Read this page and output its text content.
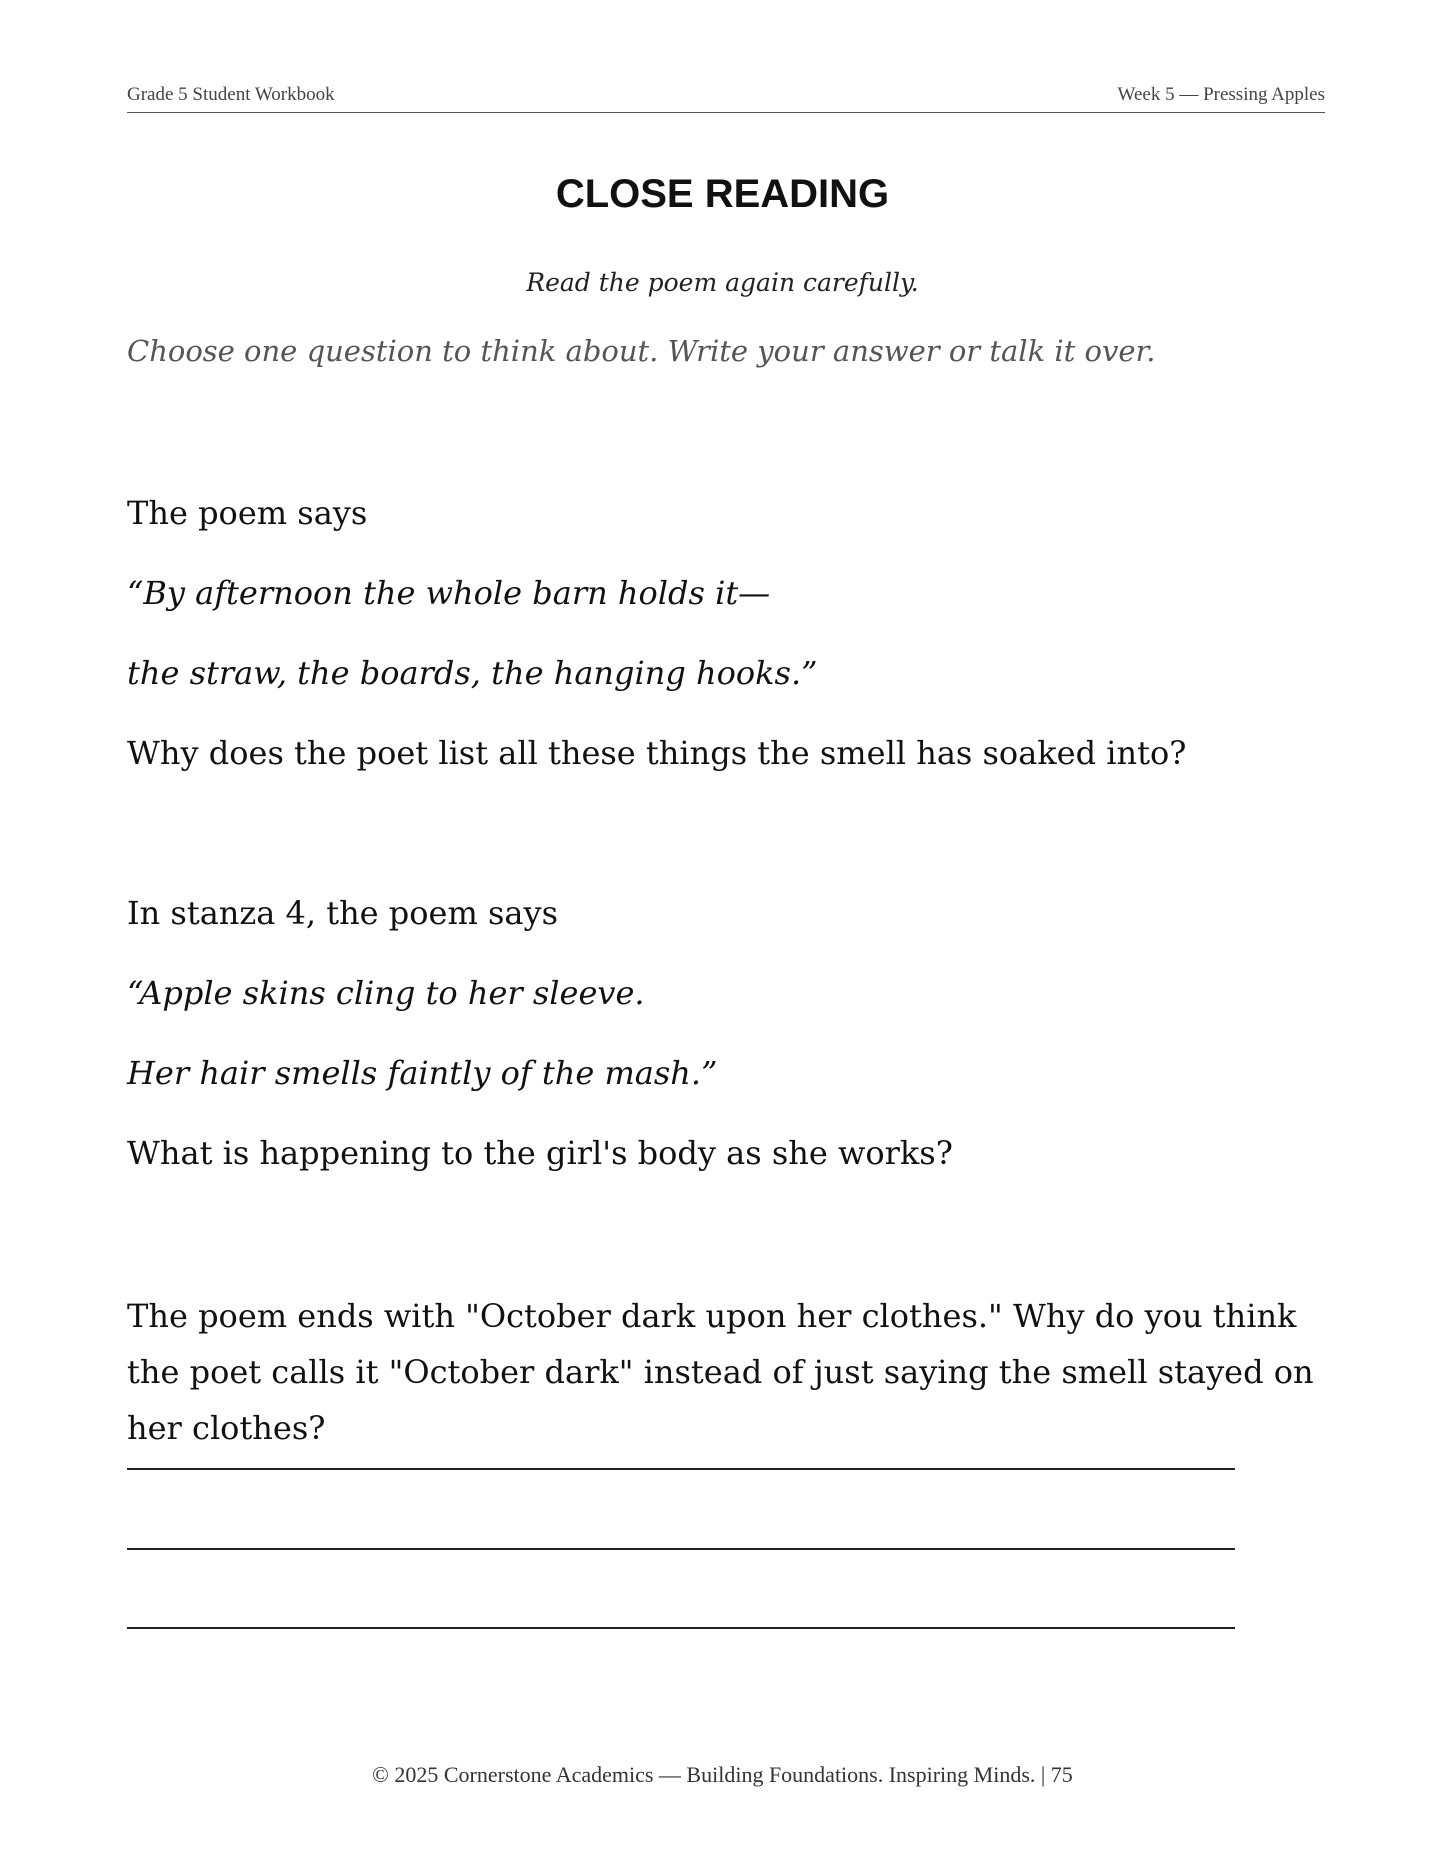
Grade 5 Student Workbook	Week 5 — Pressing Apples
CLOSE READING
Read the poem again carefully.
Choose one question to think about. Write your answer or talk it over.
The poem says
“By afternoon the whole barn holds it—
the straw, the boards, the hanging hooks.”
Why does the poet list all these things the smell has soaked into?
In stanza 4, the poem says
“Apple skins cling to her sleeve.
Her hair smells faintly of the mash.”
What is happening to the girl's body as she works?
The poem ends with "October dark upon her clothes." Why do you think the poet calls it "October dark" instead of just saying the smell stayed on her clothes?
© 2025 Cornerstone Academics — Building Foundations. Inspiring Minds. | 75
